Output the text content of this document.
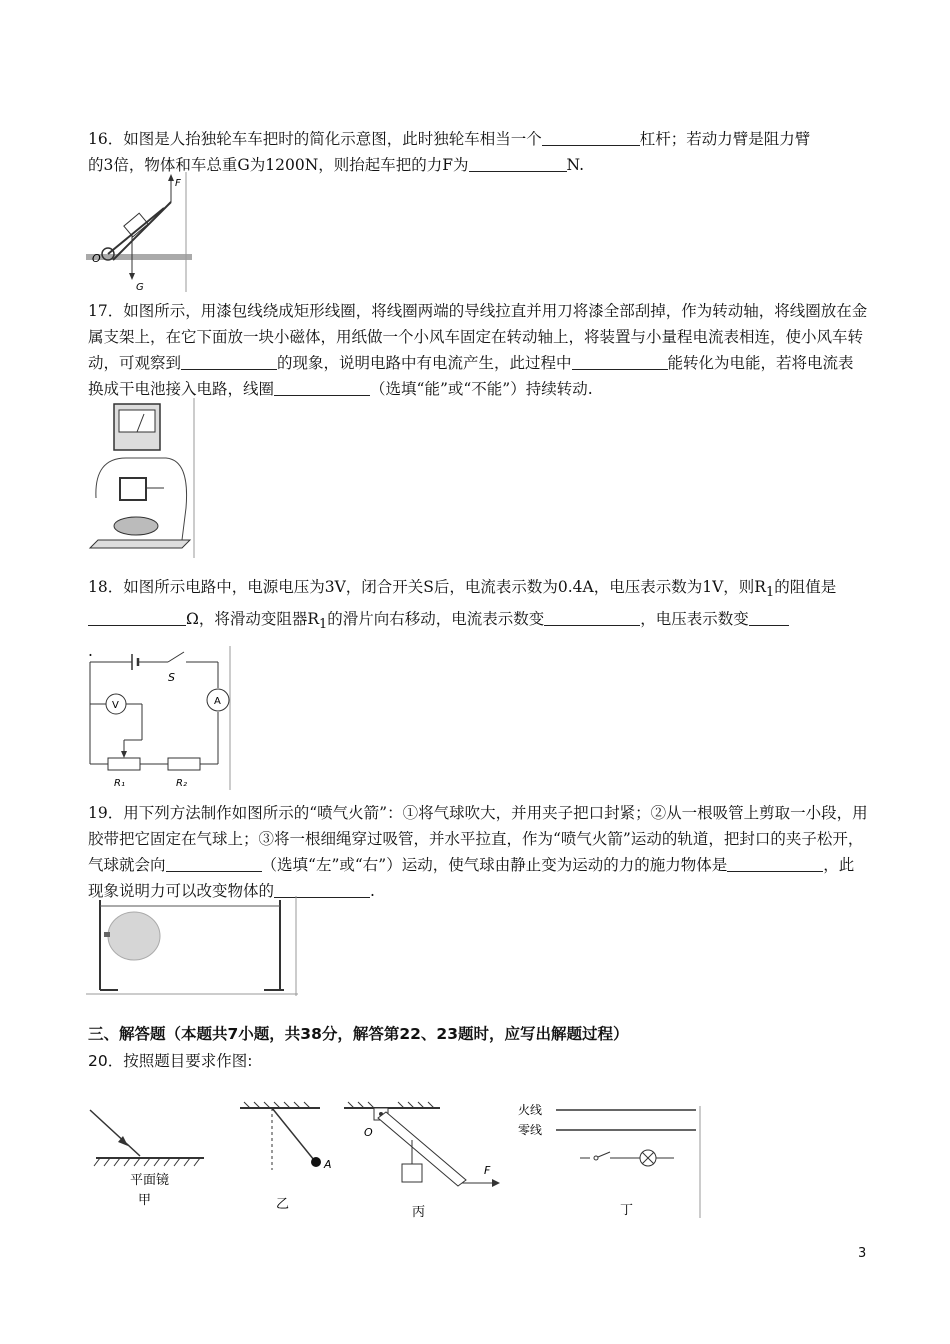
16．如图是人抬独轮车车把时的简化示意图，此时独轮车相当一个	杠杆；若动力臂是阻力臂
的3倍，物体和车总重G为1200N，则抬起车把的力F为	N.
F
O
G
17．如图所示，用漆包线绕成矩形线圈，将线圈两端的导线拉直并用刀将漆全部刮掉，作为转动轴，将线圈放在金属支架上，在它下面放一块小磁体，用纸做一个小风车固定在转动轴上，将装置与小量程电流表相连，使小风车转动，可观察到	的现象，说明电路中有电流产生，此过程中	能转化为电能，若将电流表换成干电池接入电路，线圈	（选填“能”或“不能”）持续转动.
18．如图所示电路中，电源电压为3V，闭合开关S后，电流表示数为0.4A，电压表示数为1V，则$R_1$的阻值是Ω，将滑动变阻器$R_1$的滑片向右移动，电流表示数变	，电压表示数变
.
S
V	A
R₁	R₂
19．用下列方法制作如图所示的“喷气火箭”：①将气球吹大，并用夹子把口封紧；②从一根吸管上剪取一小段，用胶带把它固定在气球上；③将一根细绳穿过吸管，并水平拉直，作为“喷气火箭”运动的轨道，把封口的夹子松开，气球就会向	（选填“左”或“右”）运动，使气球由静止变为运动的力的施力物体是	，此现象说明力可以改变物体的	.
三、解答题（本题共7小题，共38分，解答第22、23题时，应写出解题过程）
20．按照题目要求作图:
平面镜
甲
A
乙
O
F
丙
火线
零线
丁
3
